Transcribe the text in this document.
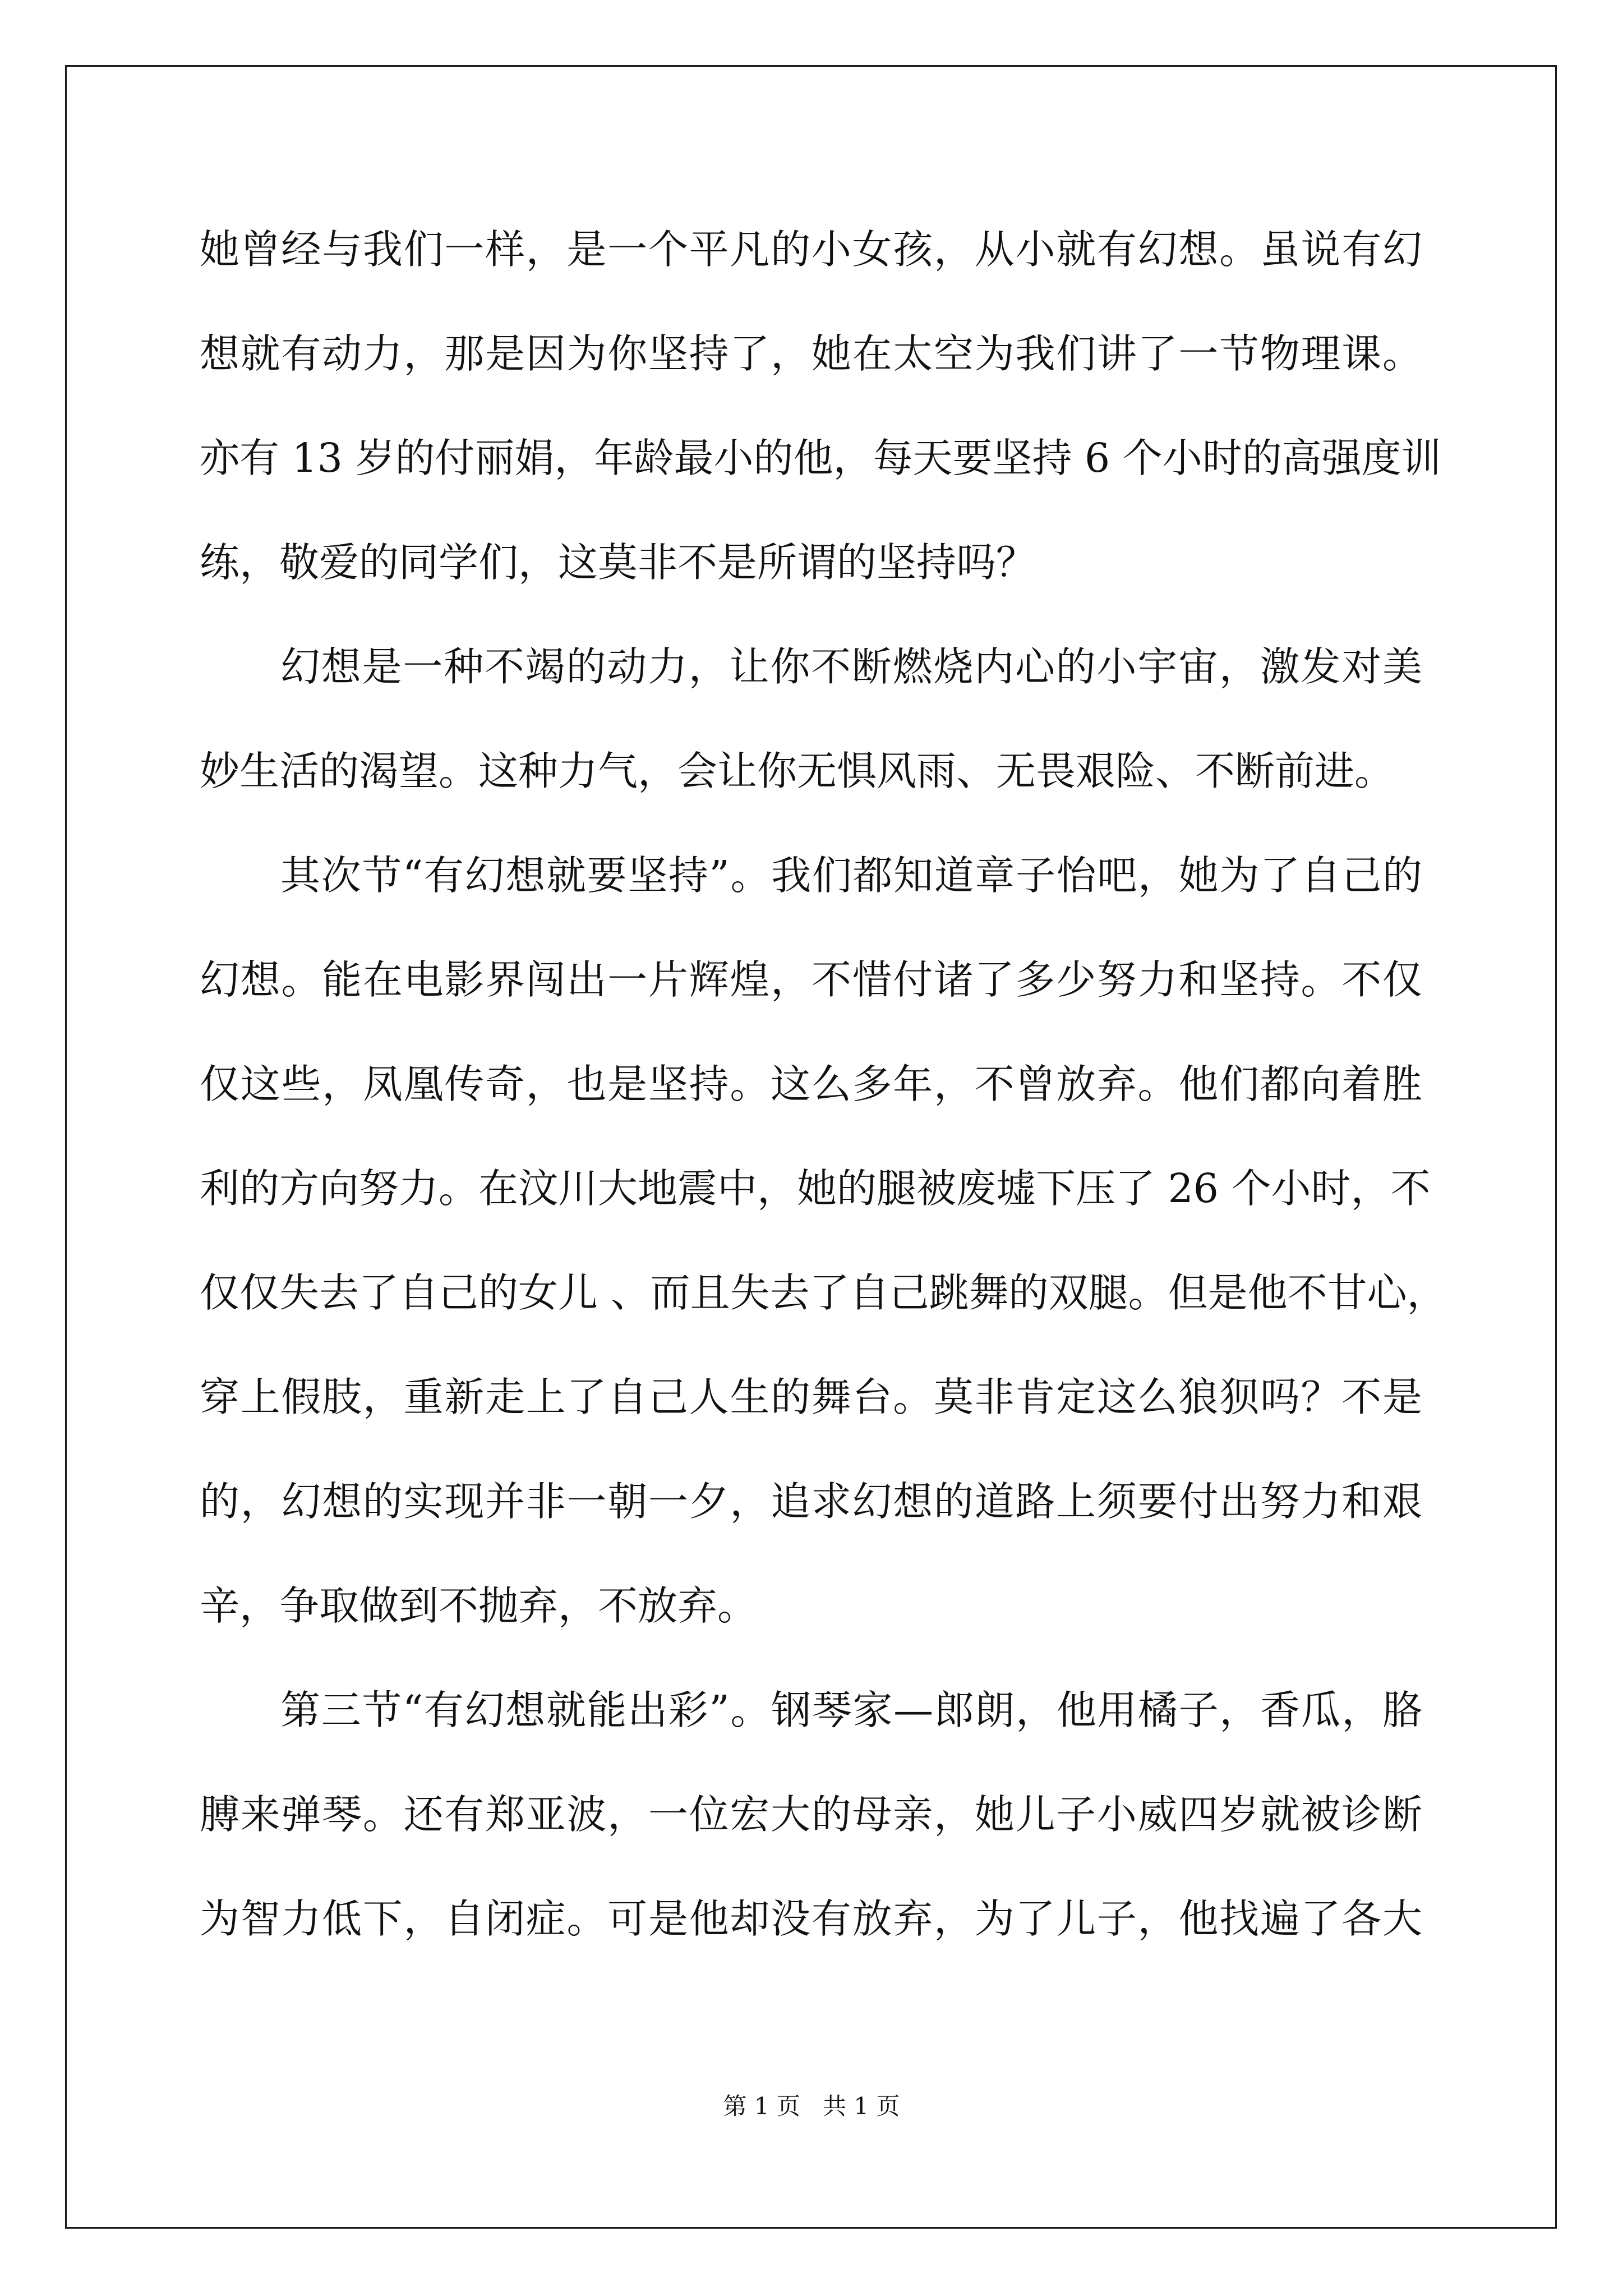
她曾经与我们一样，是一个平凡的小女孩，从小就有幻想。虽说有幻
想就有动力，那是因为你坚持了，她在太空为我们讲了一节物理课。
亦有 13 岁的付丽娟，年龄最小的他，每天要坚持 6 个小时的高强度训
练，敬爱的同学们，这莫非不是所谓的坚持吗？
幻想是一种不竭的动力，让你不断燃烧内心的小宇宙，激发对美
妙生活的渴望。这种力气，会让你无惧风雨、无畏艰险、不断前进。
其次节“有幻想就要坚持”。我们都知道章子怡吧，她为了自己的
幻想。能在电影界闯出一片辉煌，不惜付诸了多少努力和坚持。不仅
仅这些，凤凰传奇，也是坚持。这么多年，不曾放弃。他们都向着胜
利的方向努力。在汶川大地震中，她的腿被废墟下压了 26 个小时，不
仅仅失去了自己的女儿 、而且失去了自己跳舞的双腿。但是他不甘心，
穿上假肢，重新走上了自己人生的舞台。莫非肯定这么狼狈吗？不是
的，幻想的实现并非一朝一夕，追求幻想的道路上须要付出努力和艰
辛，争取做到不抛弃，不放弃。
第三节“有幻想就能出彩”。钢琴家—郎朗，他用橘子，香瓜，胳
膊来弹琴。还有郑亚波，一位宏大的母亲，她儿子小威四岁就被诊断
为智力低下，自闭症。可是他却没有放弃，为了儿子，他找遍了各大
第 1 页   共 1 页
